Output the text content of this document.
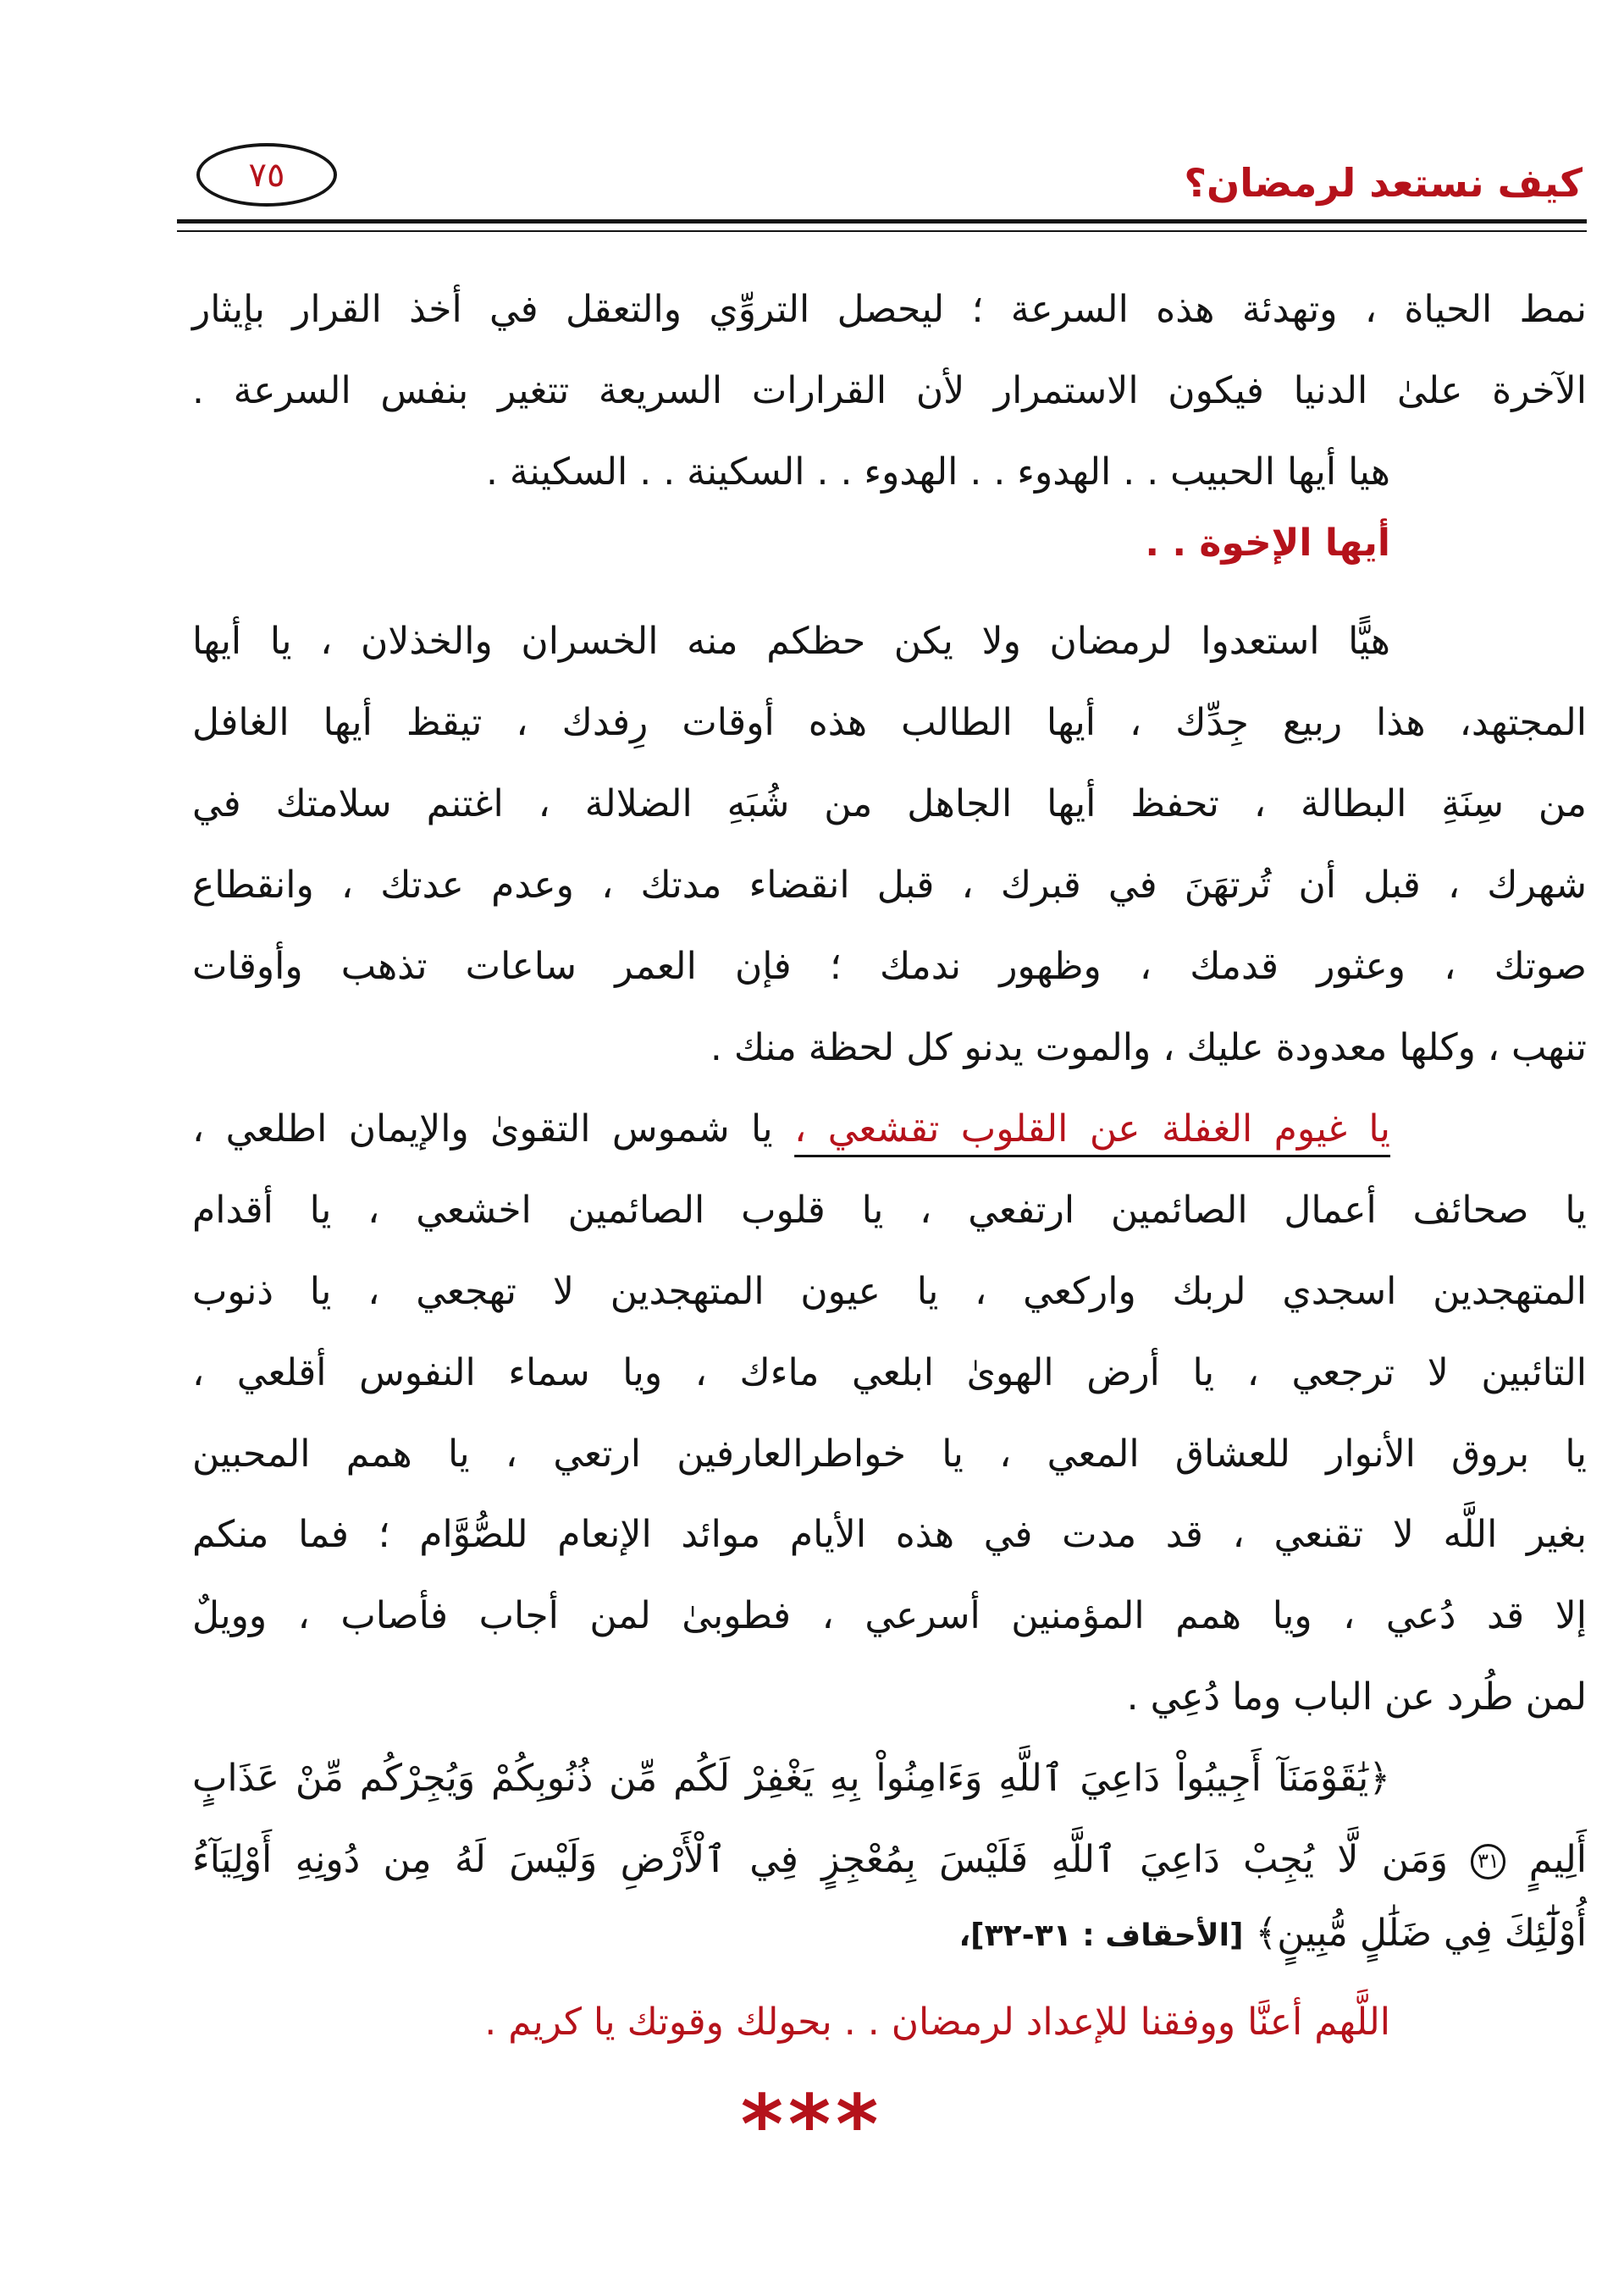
كيف نستعد لرمضان؟
٧٥
نمط الحياة ، وتهدئة هذه السرعة ؛ ليحصل التروِّي والتعقل في أخذ القرار بإيثار
الآخرة علىٰ الدنيا فيكون الاستمرار لأن القرارات السريعة تتغير بنفس السرعة .
هيا أيها الحبيب . . الهدوء . . الهدوء . . السكينة . . السكينة .
أيها الإخوة . .
هيًّا استعدوا لرمضان ولا يكن حظكم منه الخسران والخذلان ، يا أيها
المجتهد، هذا ربيع جِدِّك ، أيها الطالب هذه أوقات رِفدك ، تيقظ أيها الغافل
من سِنَةِ البطالة ، تحفظ أيها الجاهل من شُبَهِ الضلالة ، اغتنم سلامتك في
شهرك ، قبل أن تُرتهَنَ في قبرك ، قبل انقضاء مدتك ، وعدم عدتك ، وانقطاع
صوتك ، وعثور قدمك ، وظهور ندمك ؛ فإن العمر ساعات تذهب وأوقات
تنهب ، وكلها معدودة عليك ، والموت يدنو كل لحظة منك .
يا غيوم الغفلة عن القلوب تقشعي ، يا شموس التقوىٰ والإيمان اطلعي ،
يا صحائف أعمال الصائمين ارتفعي ، يا قلوب الصائمين اخشعي ، يا أقدام
المتهجدين اسجدي لربك واركعي ، يا عيون المتهجدين لا تهجعي ، يا ذنوب
التائبين لا ترجعي ، يا أرض الهوىٰ ابلعي ماءك ، ويا سماء النفوس أقلعي ،
يا بروق الأنوار للعشاق المعي ، يا خواطرالعارفين ارتعي ، يا همم المحبين
بغير اللَّه لا تقنعي ، قد مدت في هذه الأيام موائد الإنعام للصُّوَّام ؛ فما منكم
إلا قد دُعي ، ويا همم المؤمنين أسرعي ، فطوبىٰ لمن أجاب فأصاب ، وويلٌ
لمن طُرد عن الباب وما دُعِي .
﴿يَٰقَوْمَنَآ أَجِيبُواْ دَاعِيَ ٱللَّهِ وَءَامِنُواْ بِهِ يَغْفِرْ لَكُم مِّن ذُنُوبِكُمْ وَيُجِرْكُم مِّنْ عَذَابٍ
أَلِيمٍ ٣١ وَمَن لَّا يُجِبْ دَاعِيَ ٱللَّهِ فَلَيْسَ بِمُعْجِزٍ فِي ٱلْأَرْضِ وَلَيْسَ لَهُ مِن دُونِهِ أَوْلِيَآءُ
أُوْلَٰٓئِكَ فِي ضَلَٰلٍ مُّبِينٍ﴾ [الأحقاف : ٣١-٣٢]،
اللَّهم أعنَّا ووفقنا للإعداد لرمضان . . بحولك وقوتك يا كريم .
***
